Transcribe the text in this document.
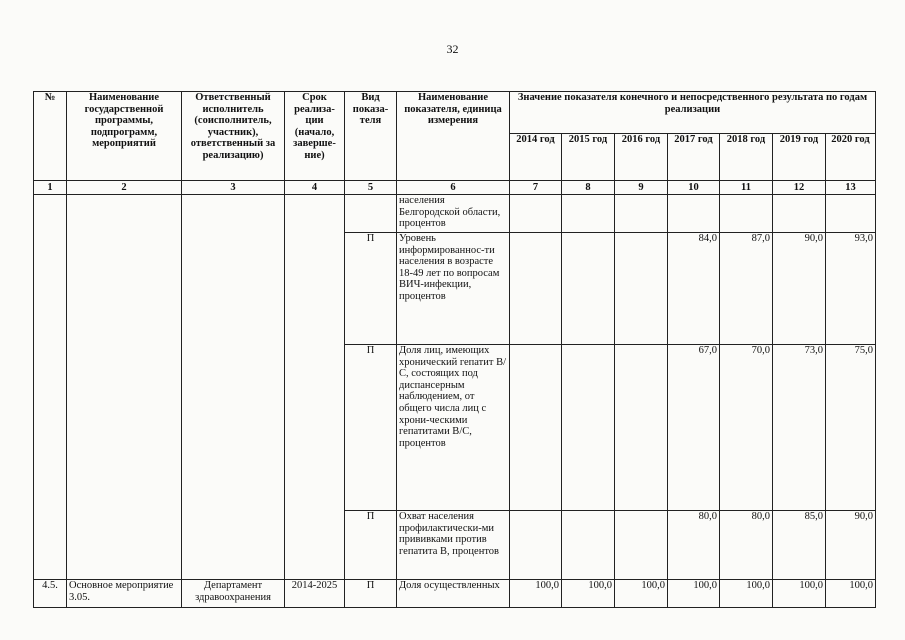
32
№	Наименование государственной программы, подпрограмм, мероприятий	Ответственный исполнитель (соисполнитель, участник), ответственный за реализацию)	Срок реализа-ции (начало, заверше-ние)	Вид показа-теля	Наименование показателя, единица измерения	Значение показателя конечного и непосредственного результата по годам реализации						
						2014 год	2015 год	2016 год	2017 год	2018 год	2019 год	2020 год
1	2	3	4	5	6	7	8	9	10	11	12	13
					населения Белгородской области, процентов							
				П	Уровень информированнос-ти населения в возрасте 18-49 лет по вопросам ВИЧ-инфекции, процентов				84,0	87,0	90,0	93,0
				П	Доля лиц, имеющих хронический гепатит В/С, состоящих под диспансерным наблюдением, от общего числа лиц с хрони-ческими гепатитами В/С, процентов				67,0	70,0	73,0	75,0
				П	Охват населения профилактически-ми прививками против гепатита В, процентов				80,0	80,0	85,0	90,0
4.5.	Основное мероприятие 3.05.	Департамент здравоохранения	2014-2025	П	Доля осуществленных	100,0	100,0	100,0	100,0	100,0	100,0	100,0
